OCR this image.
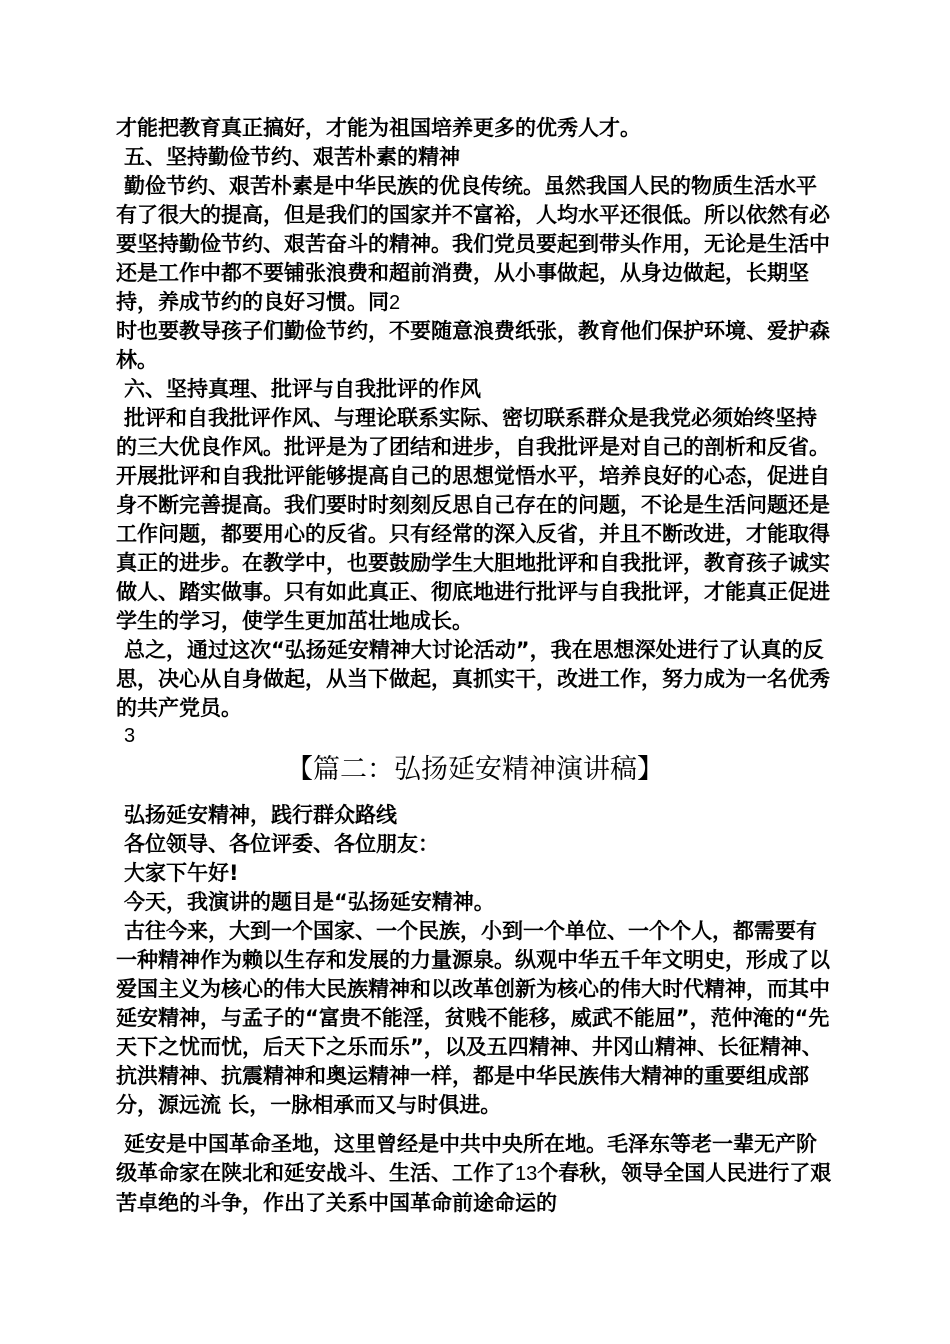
才能把教育真正搞好，才能为祖国培养更多的优秀人才。

五、坚持勤俭节约、艰苦朴素的精神

勤俭节约、艰苦朴素是中华民族的优良传统。虽然我国人民的物质生活水平有了很大的提高，但是我们的国家并不富裕，人均水平还很低。所以依然有必要坚持勤俭节约、艰苦奋斗的精神。我们党员要起到带头作用，无论是生活中还是工作中都不要铺张浪费和超前消费，从小事做起，从身边做起，长期坚持，养成节约的良好习惯。同2

时也要教导孩子们勤俭节约，不要随意浪费纸张，教育他们保护环境、爱护森林。

六、坚持真理、批评与自我批评的作风

批评和自我批评作风、与理论联系实际、密切联系群众是我党必须始终坚持的三大优良作风。批评是为了团结和进步，自我批评是对自己的剖析和反省。开展批评和自我批评能够提高自己的思想觉悟水平，培养良好的心态，促进自身不断完善提高。我们要时时刻刻反思自己存在的问题，不论是生活问题还是工作问题，都要用心的反省。只有经常的深入反省，并且不断改进，才能取得真正的进步。在教学中，也要鼓励学生大胆地批评和自我批评，教育孩子诚实做人、踏实做事。只有如此真正、彻底地进行批评与自我批评，才能真正促进学生的学习，使学生更加茁壮地成长。

总之，通过这次“弘扬延安精神大讨论活动”，我在思想深处进行了认真的反思，决心从自身做起，从当下做起，真抓实干，改进工作，努力成为一名优秀的共产党员。

3
【篇二：弘扬延安精神演讲稿】

弘扬延安精神，践行群众路线

各位领导、各位评委、各位朋友：

大家下午好!

今天，我演讲的题目是“弘扬延安精神。

古往今来，大到一个国家、一个民族，小到一个单位、一个个人，都需要有一种精神作为赖以生存和发展的力量源泉。纵观中华五千年文明史，形成了以爱国主义为核心的伟大民族精神和以改革创新为核心的伟大时代精神，而其中延安精神，与孟子的“富贵不能淫，贫贱不能移，威武不能屈”，范仲淹的“先天下之忧而忧，后天下之乐而乐”，以及五四精神、井冈山精神、长征精神、抗洪精神、抗震精神和奥运精神一样，都是中华民族伟大精神的重要组成部分，源远流 长，一脉相承而又与时俱进。

延安是中国革命圣地，这里曾经是中共中央所在地。毛泽东等老一辈无产阶级革命家在陕北和延安战斗、生活、工作了13个春秋，领导全国人民进行了艰苦卓绝的斗争，作出了关系中国革命前途命运的
